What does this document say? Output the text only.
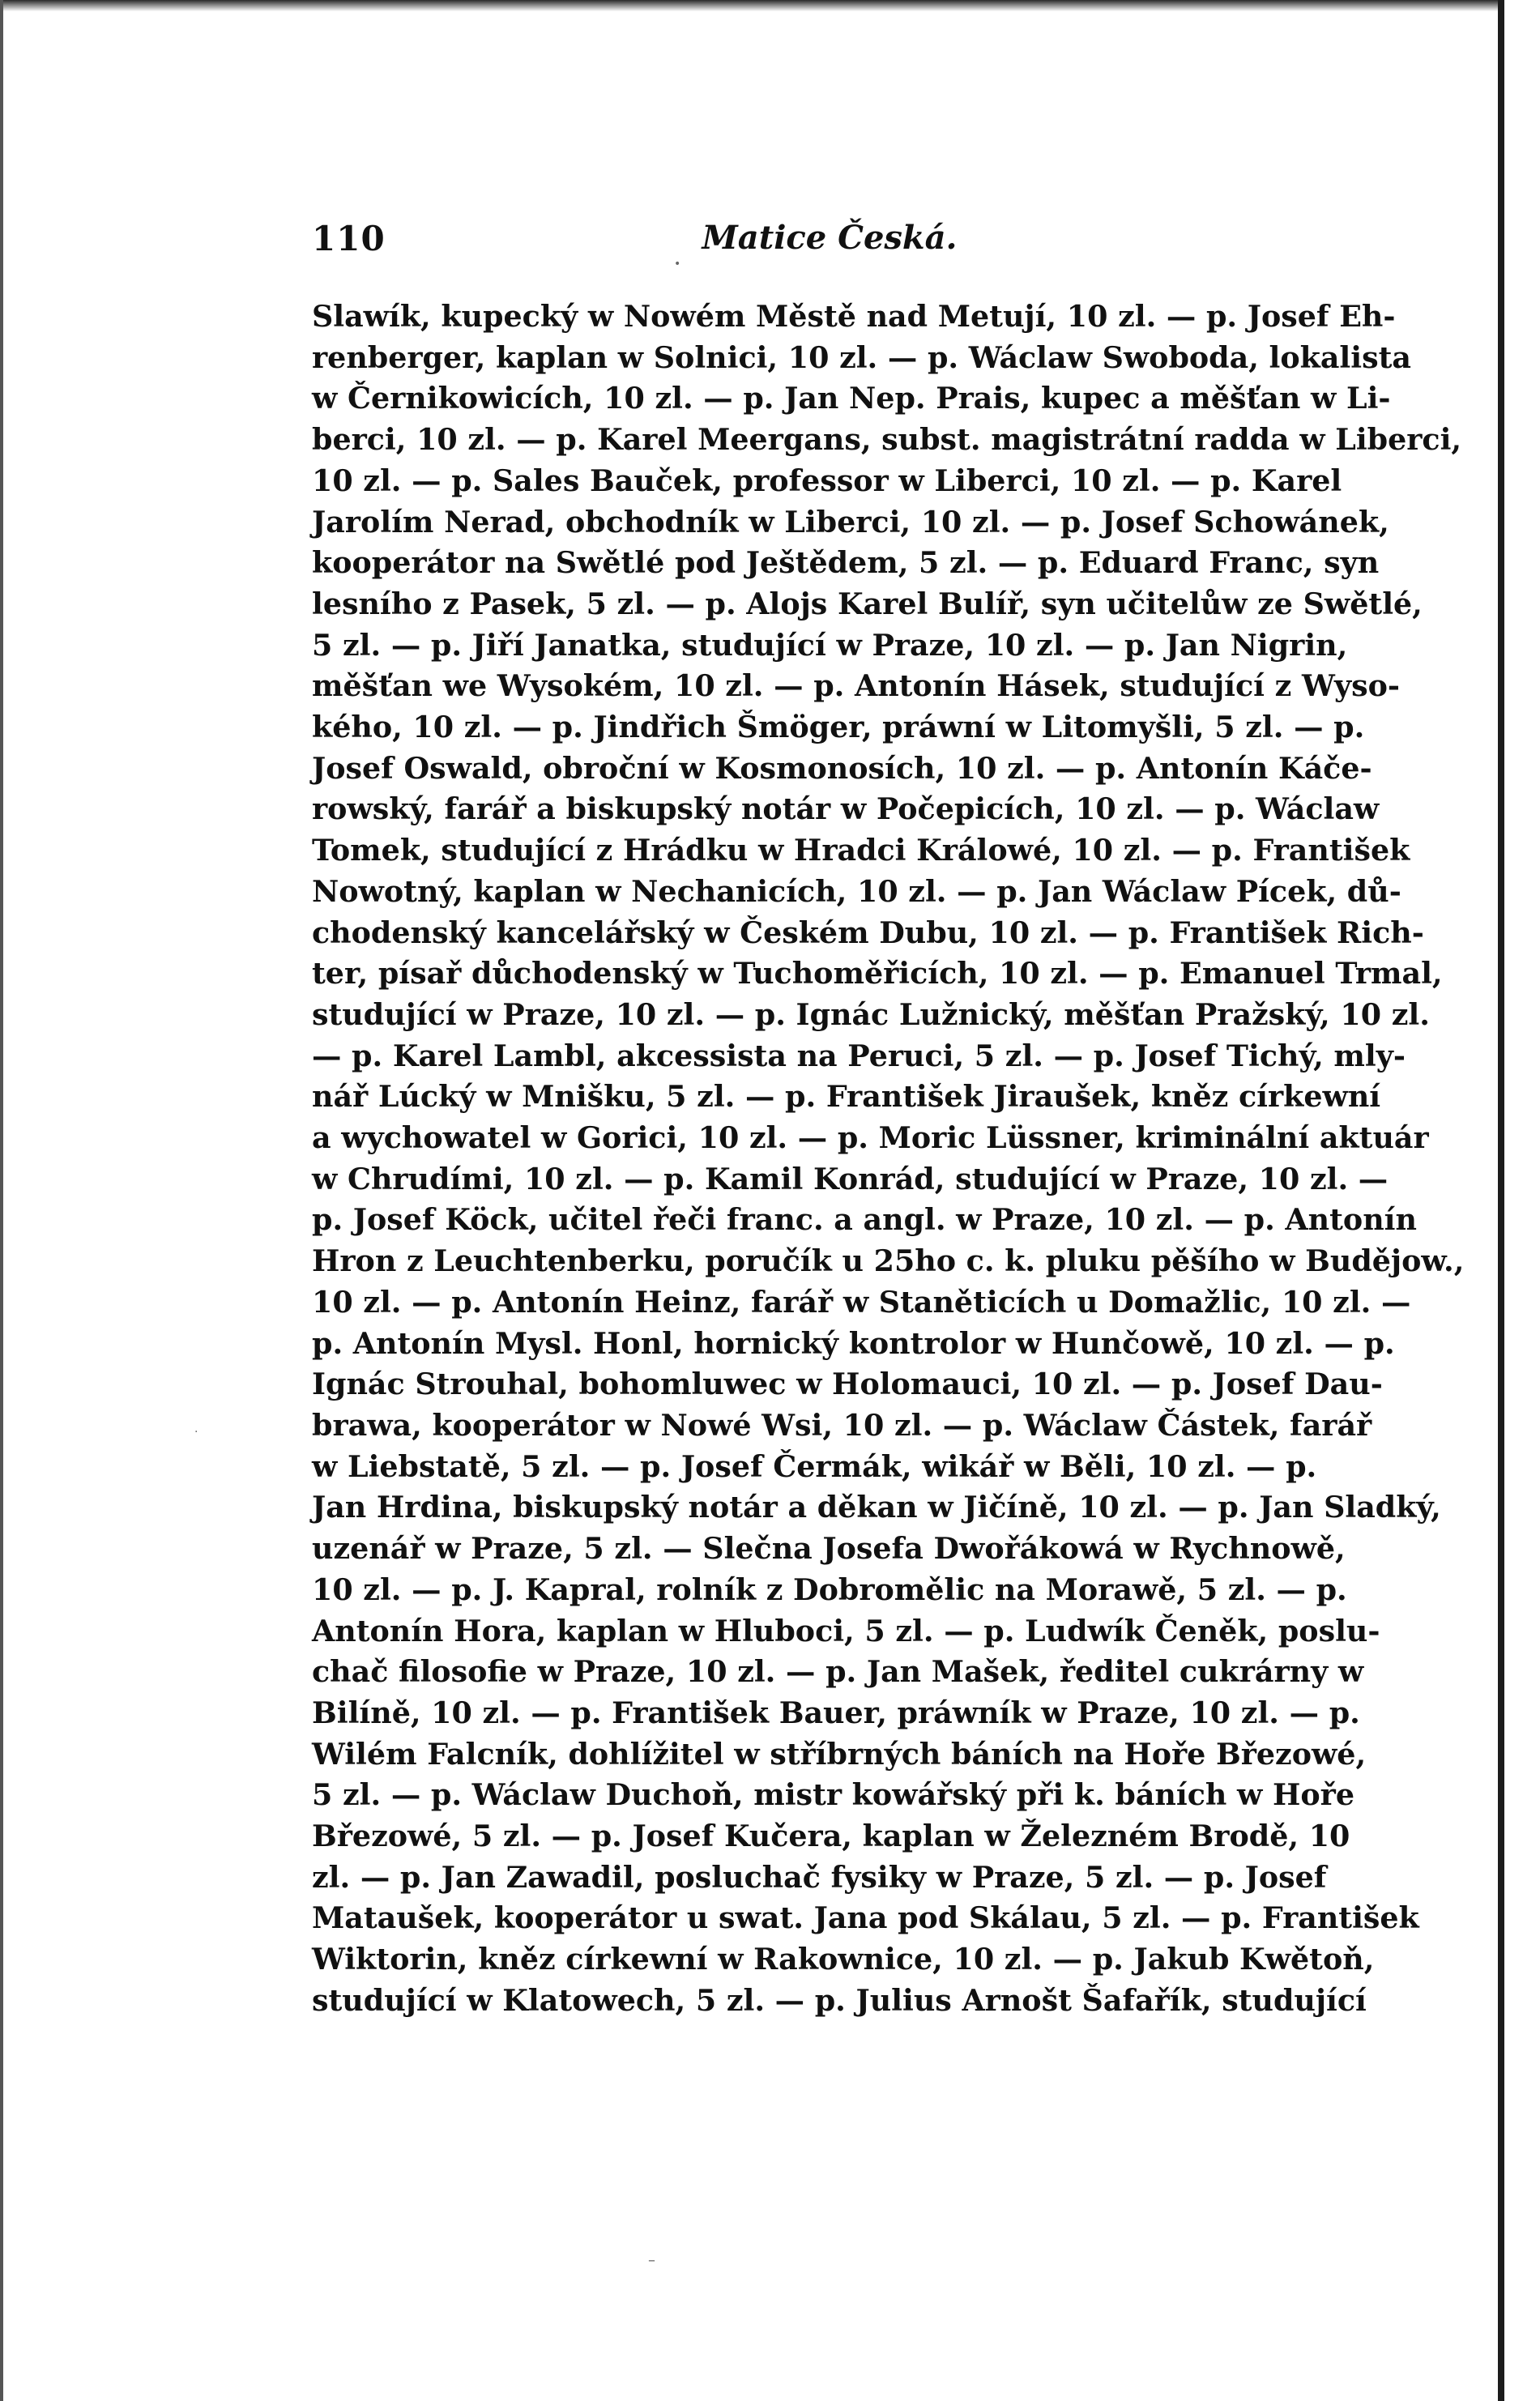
110	Matice Česká.
Slawík, kupecký w Nowém Městě nad Metují, 10 zl. — p. Josef Eh-
renberger, kaplan w Solnici, 10 zl. — p. Wáclaw Swoboda, lokalista
w Černikowicích, 10 zl. — p. Jan Nep. Prais, kupec a měšťan w Li-
berci, 10 zl. — p. Karel Meergans, subst. magistrátní radda w Liberci,
10 zl. — p. Sales Bauček, professor w Liberci, 10 zl. — p. Karel
Jarolím Nerad, obchodník w Liberci, 10 zl. — p. Josef Schowánek,
kooperátor na Swětlé pod Ještědem, 5 zl. — p. Eduard Franc, syn
lesního z Pasek, 5 zl. — p. Alojs Karel Bulíř, syn učitelůw ze Swětlé,
5 zl. — p. Jiří Janatka, studující w Praze, 10 zl. — p. Jan Nigrin,
měšťan we Wysokém, 10 zl. — p. Antonín Hásek, studující z Wyso-
kého, 10 zl. — p. Jindřich Šmöger, práwní w Litomyšli, 5 zl. — p.
Josef Oswald, obroční w Kosmonosích, 10 zl. — p. Antonín Káče-
rowský, farář a biskupský notár w Počepicích, 10 zl. — p. Wáclaw
Tomek, studující z Hrádku w Hradci Králowé, 10 zl. — p. František
Nowotný, kaplan w Nechanicích, 10 zl. — p. Jan Wáclaw Pícek, dů-
chodenský kancelářský w Českém Dubu, 10 zl. — p. František Rich-
ter, písař důchodenský w Tuchoměřicích, 10 zl. — p. Emanuel Trmal,
studující w Praze, 10 zl. — p. Ignác Lužnický, měšťan Pražský, 10 zl.
— p. Karel Lambl, akcessista na Peruci, 5 zl. — p. Josef Tichý, mly-
nář Lúcký w Mnišku, 5 zl. — p. František Jiraušek, kněz církewní
a wychowatel w Gorici, 10 zl. — p. Moric Lüssner, kriminální aktuár
w Chrudími, 10 zl. — p. Kamil Konrád, studující w Praze, 10 zl. —
p. Josef Köck, učitel řeči franc. a angl. w Praze, 10 zl. — p. Antonín
Hron z Leuchtenberku, poručík u 25ho c. k. pluku pěšího w Budějow.,
10 zl. — p. Antonín Heinz, farář w Staněticích u Domažlic, 10 zl. —
p. Antonín Mysl. Honl, hornický kontrolor w Hunčowě, 10 zl. — p.
Ignác Strouhal, bohomluwec w Holomauci, 10 zl. — p. Josef Dau-
brawa, kooperátor w Nowé Wsi, 10 zl. — p. Wáclaw Částek, farář
w Liebstatě, 5 zl. — p. Josef Čermák, wikář w Běli, 10 zl. — p.
Jan Hrdina, biskupský notár a děkan w Jičíně, 10 zl. — p. Jan Sladký,
uzenář w Praze, 5 zl. — Slečna Josefa Dwořákowá w Rychnowě,
10 zl. — p. J. Kapral, rolník z Dobromělic na Morawě, 5 zl. — p.
Antonín Hora, kaplan w Hluboci, 5 zl. — p. Ludwík Čeněk, poslu-
chač filosofie w Praze, 10 zl. — p. Jan Mašek, ředitel cukrárny w
Bilíně, 10 zl. — p. František Bauer, práwník w Praze, 10 zl. — p.
Wilém Falcník, dohlížitel w stříbrných báních na Hoře Březowé,
5 zl. — p. Wáclaw Duchoň, mistr kowářský při k. báních w Hoře
Březowé, 5 zl. — p. Josef Kučera, kaplan w Železném Brodě, 10
zl. — p. Jan Zawadil, posluchač fysiky w Praze, 5 zl. — p. Josef
Mataušek, kooperátor u swat. Jana pod Skálau, 5 zl. — p. František
Wiktorin, kněz církewní w Rakownice, 10 zl. — p. Jakub Kwětoň,
studující w Klatowech, 5 zl. — p. Julius Arnošt Šafařík, studující
•
·
–
